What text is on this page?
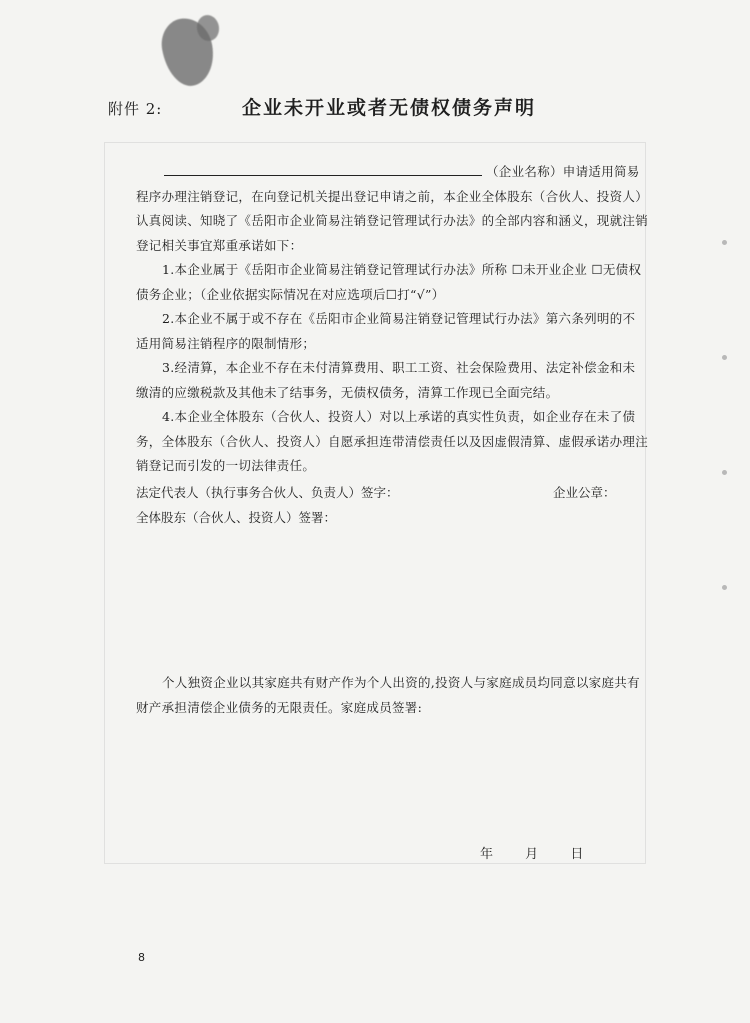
附件 2:	企业未开业或者无债权债务声明

（企业名称）申请适用简易程序办理注销登记，在向登记机关提出登记申请之前，本企业全体股东（合伙人、投资人）认真阅读、知晓了《岳阳市企业简易注销登记管理试行办法》的全部内容和涵义，现就注销登记相关事宜郑重承诺如下：

1.本企业属于《岳阳市企业简易注销登记管理试行办法》所称 ☐未开业企业 ☐无债权债务企业；（企业依据实际情况在对应选项后☐打“√”）

2.本企业不属于或不存在《岳阳市企业简易注销登记管理试行办法》第六条列明的不适用简易注销程序的限制情形；

3.经清算，本企业不存在未付清算费用、职工工资、社会保险费用、法定补偿金和未缴清的应缴税款及其他未了结事务，无债权债务，清算工作现已全面完结。

4.本企业全体股东（合伙人、投资人）对以上承诺的真实性负责，如企业存在未了债务，全体股东（合伙人、投资人）自愿承担连带清偿责任以及因虚假清算、虚假承诺办理注销登记而引发的一切法律责任。

法定代表人（执行事务合伙人、负责人）签字：	企业公章：
全体股东（合伙人、投资人）签署：

个人独资企业以其家庭共有财产作为个人出资的,投资人与家庭成员均同意以家庭共有财产承担清偿企业债务的无限责任。家庭成员签署:

年 月 日
8
